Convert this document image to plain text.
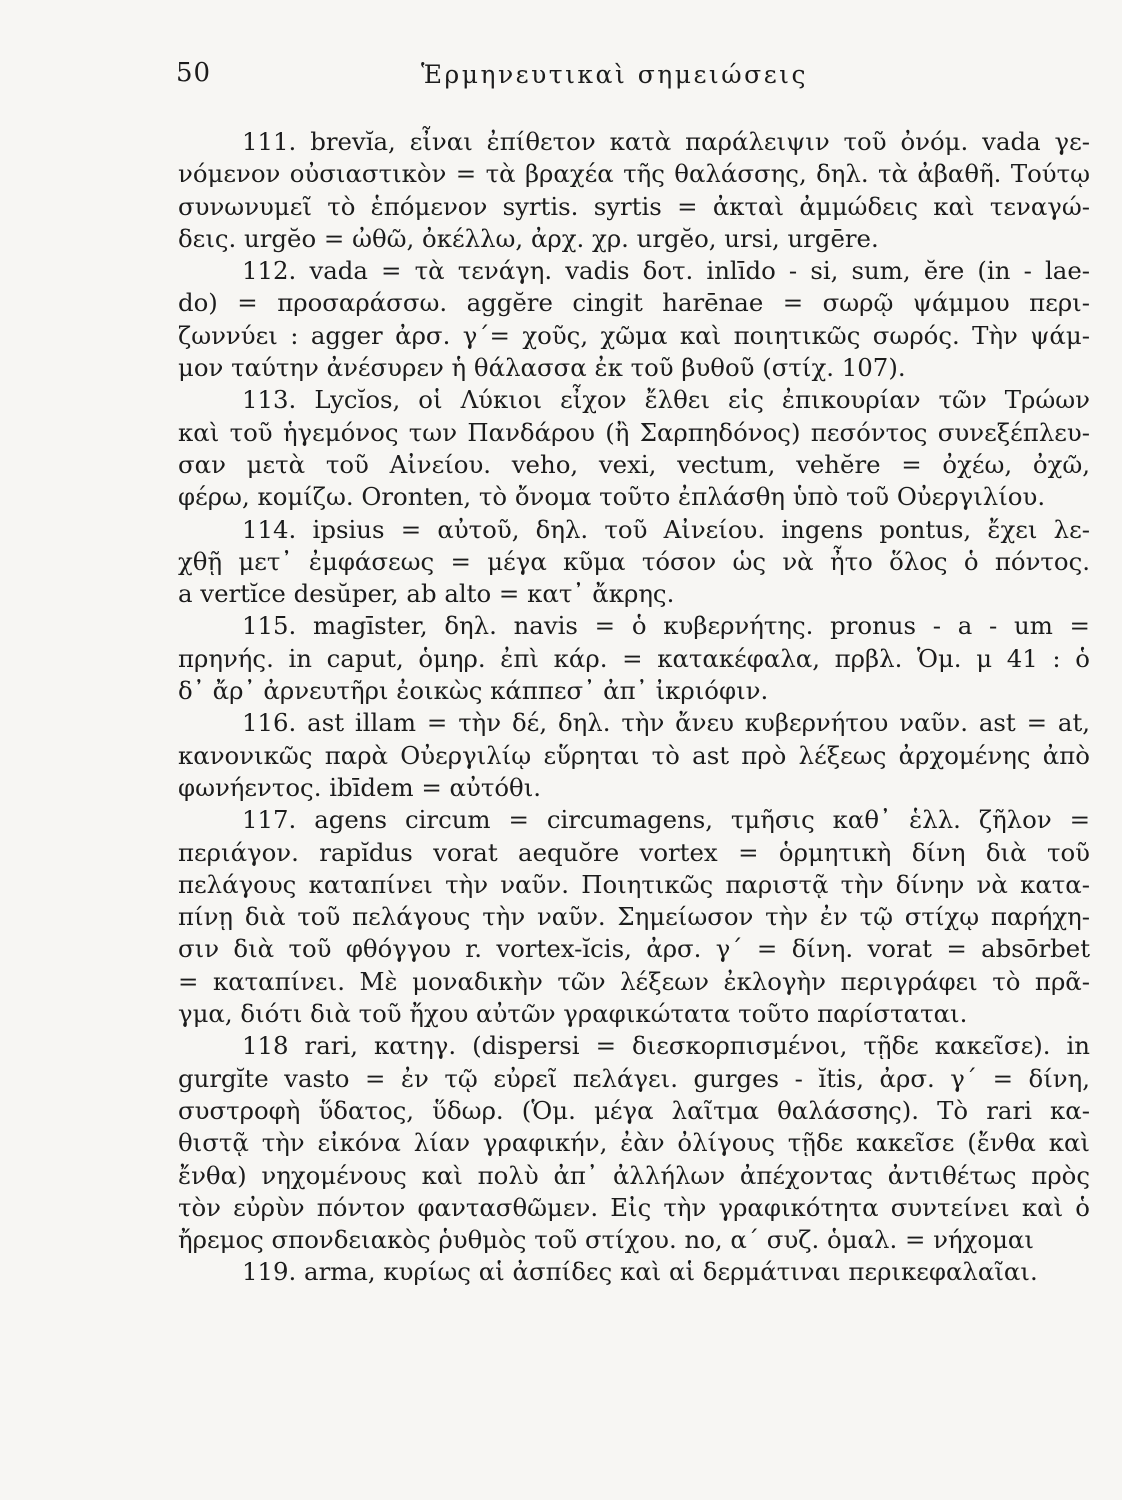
50	Ἑρμηνευτικαὶ σημειώσεις
111. brevĭa, εἶναι ἐπίθετον κατὰ παράλειψιν τοῦ ὀνόμ. vada γε-
νόμενον οὐσιαστικὸν = τὰ βραχέα τῆς θαλάσσης, δηλ. τὰ ἀβαθῆ. Τούτῳ
συνωνυμεῖ τὸ ἑπόμενον syrtis. syrtis = ἀκταὶ ἀμμώδεις καὶ τεναγώ-
δεις. urgĕo = ὠθῶ, ὀκέλλω, ἀρχ. χρ. urgĕo, ursi, urgēre.
112. vada = τὰ τενάγη. vadis δοτ. inlīdo - si, sum, ĕre (in - lae-
do) = προσαράσσω. aggĕre cingit harēnae = σωρῷ ψάμμου περι-
ζωννύει : agger ἀρσ. γ΄= χοῦς, χῶμα καὶ ποιητικῶς σωρός. Τὴν ψάμ-
μον ταύτην ἀνέσυρεν ἡ θάλασσα ἐκ τοῦ βυθοῦ (στίχ. 107).
113. Lycĭos, οἱ Λύκιοι εἶχον ἔλθει εἰς ἐπικουρίαν τῶν Τρώων
καὶ τοῦ ἡγεμόνος των Πανδάρου (ἢ Σαρπηδόνος) πεσόντος συνεξέπλευ-
σαν μετὰ τοῦ Αἰνείου. veho, vexi, vectum, vehĕre = ὀχέω, ὀχῶ,
φέρω, κομίζω. Oronten, τὸ ὄνομα τοῦτο ἐπλάσθη ὑπὸ τοῦ Οὐεργιλίου.
114. ipsius = αὐτοῦ, δηλ. τοῦ Αἰνείου. ingens pontus, ἔχει λε-
χθῇ μετ᾽ ἐμφάσεως = μέγα κῦμα τόσον ὡς νὰ ἦτο ὅλος ὁ πόντος.
a vertĭce desŭper, ab alto = κατ᾽ ἄκρης.
115. magīster, δηλ. navis = ὁ κυβερνήτης. pronus - a - um =
πρηνής. in caput, ὁμηρ. ἐπὶ κάρ. = κατακέφαλα, πρβλ. Ὁμ. μ 41 : ὁ
δ᾽ ἄρ᾽ ἀρνευτῆρι ἐοικὼς κάππεσ᾽ ἀπ᾽ ἰκριόφιν.
116. ast illam = τὴν δέ, δηλ. τὴν ἄνευ κυβερνήτου ναῦν. ast = at,
κανονικῶς παρὰ Οὐεργιλίῳ εὕρηται τὸ ast πρὸ λέξεως ἀρχομένης ἀπὸ
φωνήεντος. ibīdem = αὐτόθι.
117. agens circum = circumagens, τμῆσις καθ᾽ ἑλλ. ζῆλον =
περιάγον. rapĭdus vorat aequŏre vortex = ὁρμητικὴ δίνη διὰ τοῦ
πελάγους καταπίνει τὴν ναῦν. Ποιητικῶς παριστᾷ τὴν δίνην νὰ κατα-
πίνῃ διὰ τοῦ πελάγους τὴν ναῦν. Σημείωσον τὴν ἐν τῷ στίχῳ παρήχη-
σιν διὰ τοῦ φθόγγου r. vortex-ĭcis, ἀρσ. γ΄ = δίνη. vorat = absōrbet
= καταπίνει. Μὲ μοναδικὴν τῶν λέξεων ἐκλογὴν περιγράφει τὸ πρᾶ-
γμα, διότι διὰ τοῦ ἤχου αὐτῶν γραφικώτατα τοῦτο παρίσταται.
118 rari, κατηγ. (dispersi = διεσκορπισμένοι, τῇδε κακεῖσε). in
gurgĭte vasto = ἐν τῷ εὐρεῖ πελάγει. gurges - ĭtis, ἀρσ. γ΄ = δίνη,
συστροφὴ ὕδατος, ὕδωρ. (Ὁμ. μέγα λαῖτμα θαλάσσης). Τὸ rari κα-
θιστᾷ τὴν εἰκόνα λίαν γραφικήν, ἐὰν ὀλίγους τῇδε κακεῖσε (ἔνθα καὶ
ἔνθα) νηχομένους καὶ πολὺ ἀπ᾽ ἀλλήλων ἀπέχοντας ἀντιθέτως πρὸς
τὸν εὐρὺν πόντον φαντασθῶμεν. Εἰς τὴν γραφικότητα συντείνει καὶ ὁ
ἤρεμος σπονδειακὸς ῥυθμὸς τοῦ στίχου. no, α΄ συζ. ὁμαλ. = νήχομαι
119. arma, κυρίως αἱ ἀσπίδες καὶ αἱ δερμάτιναι περικεφαλαῖαι.
